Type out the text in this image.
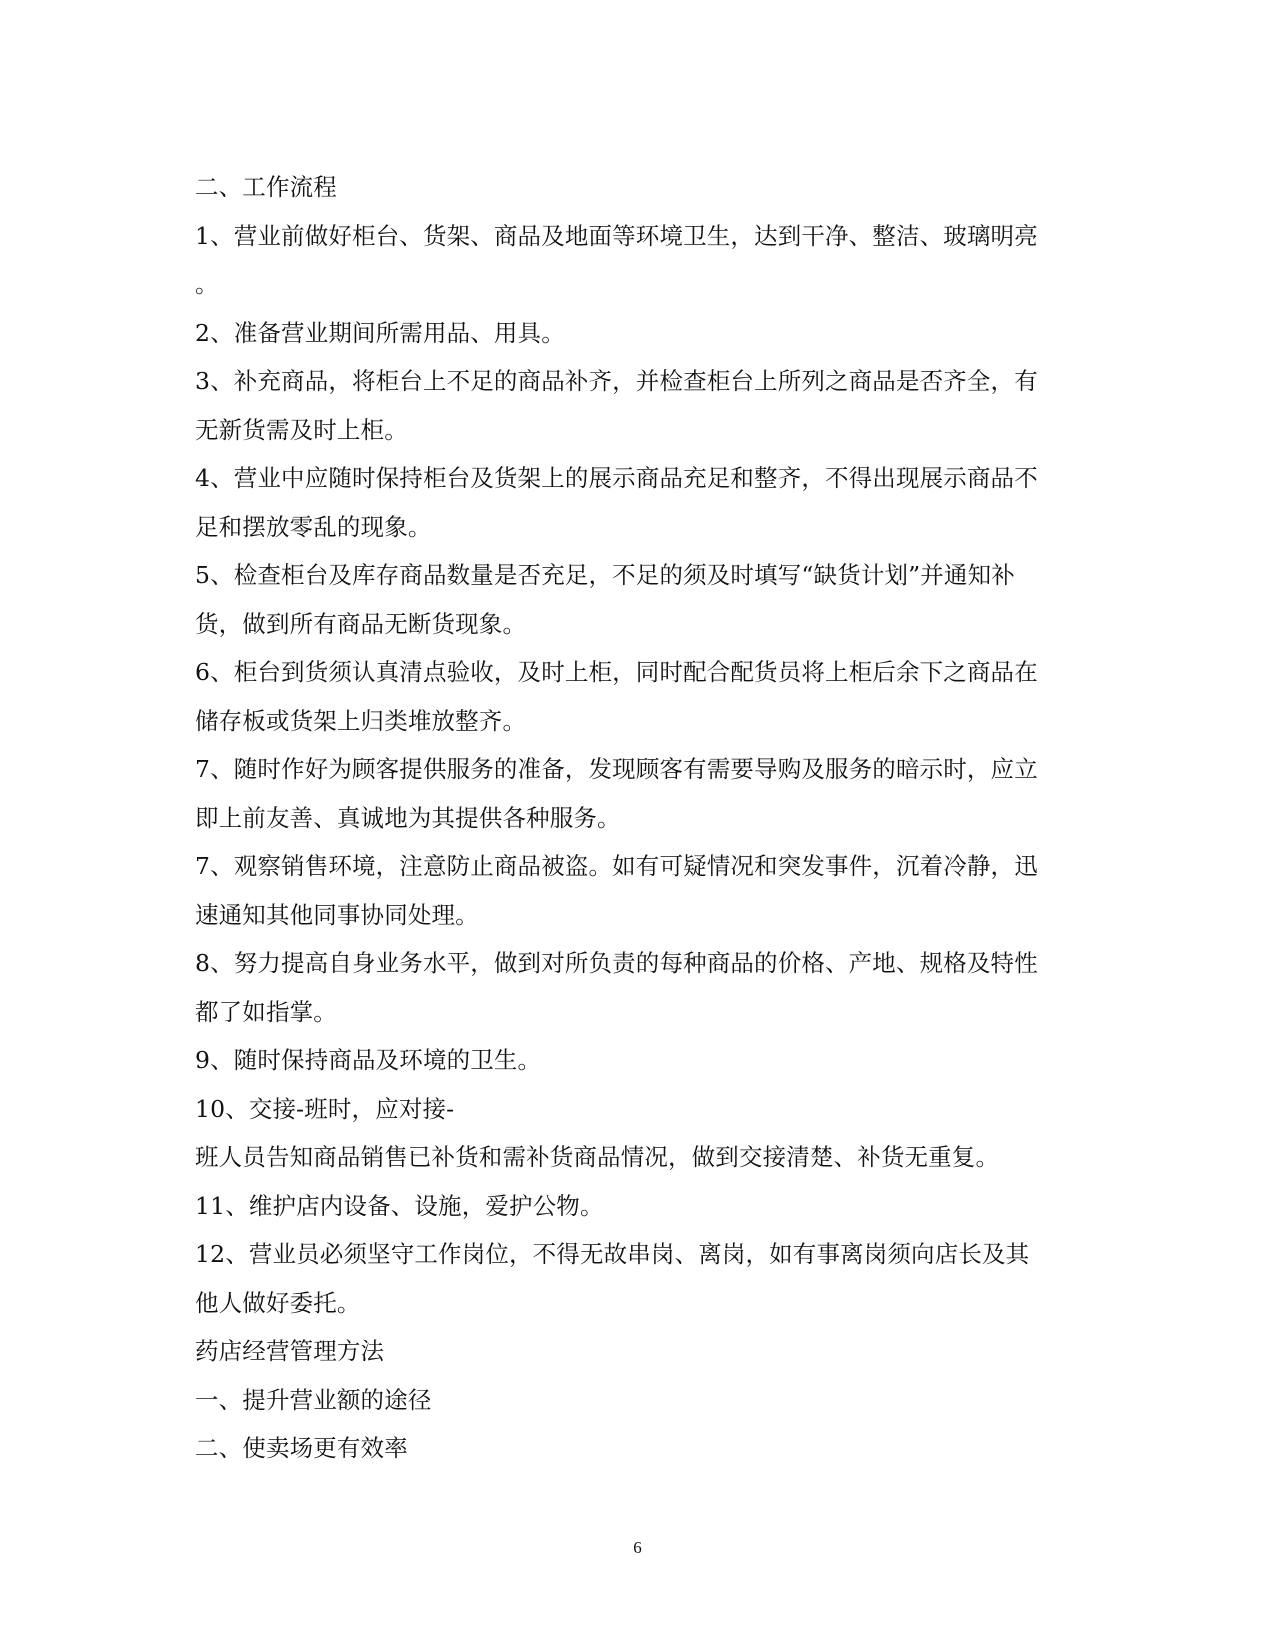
二、工作流程
1、营业前做好柜台、货架、商品及地面等环境卫生，达到干净、整洁、玻璃明亮
。
2、准备营业期间所需用品、用具。
3、补充商品，将柜台上不足的商品补齐，并检查柜台上所列之商品是否齐全，有
无新货需及时上柜。
4、营业中应随时保持柜台及货架上的展示商品充足和整齐，不得出现展示商品不
足和摆放零乱的现象。
5、检查柜台及库存商品数量是否充足，不足的须及时填写“缺货计划”并通知补
货，做到所有商品无断货现象。
6、柜台到货须认真清点验收，及时上柜，同时配合配货员将上柜后余下之商品在
储存板或货架上归类堆放整齐。
7、随时作好为顾客提供服务的准备，发现顾客有需要导购及服务的暗示时，应立
即上前友善、真诚地为其提供各种服务。
7、观察销售环境，注意防止商品被盗。如有可疑情况和突发事件，沉着冷静，迅
速通知其他同事协同处理。
8、努力提高自身业务水平，做到对所负责的每种商品的价格、产地、规格及特性
都了如指掌。
9、随时保持商品及环境的卫生。
10、交接-班时，应对接-
班人员告知商品销售已补货和需补货商品情况，做到交接清楚、补货无重复。
11、维护店内设备、设施，爱护公物。
12、营业员必须坚守工作岗位，不得无故串岗、离岗，如有事离岗须向店长及其
他人做好委托。
药店经营管理方法
一、提升营业额的途径
二、使卖场更有效率
6
